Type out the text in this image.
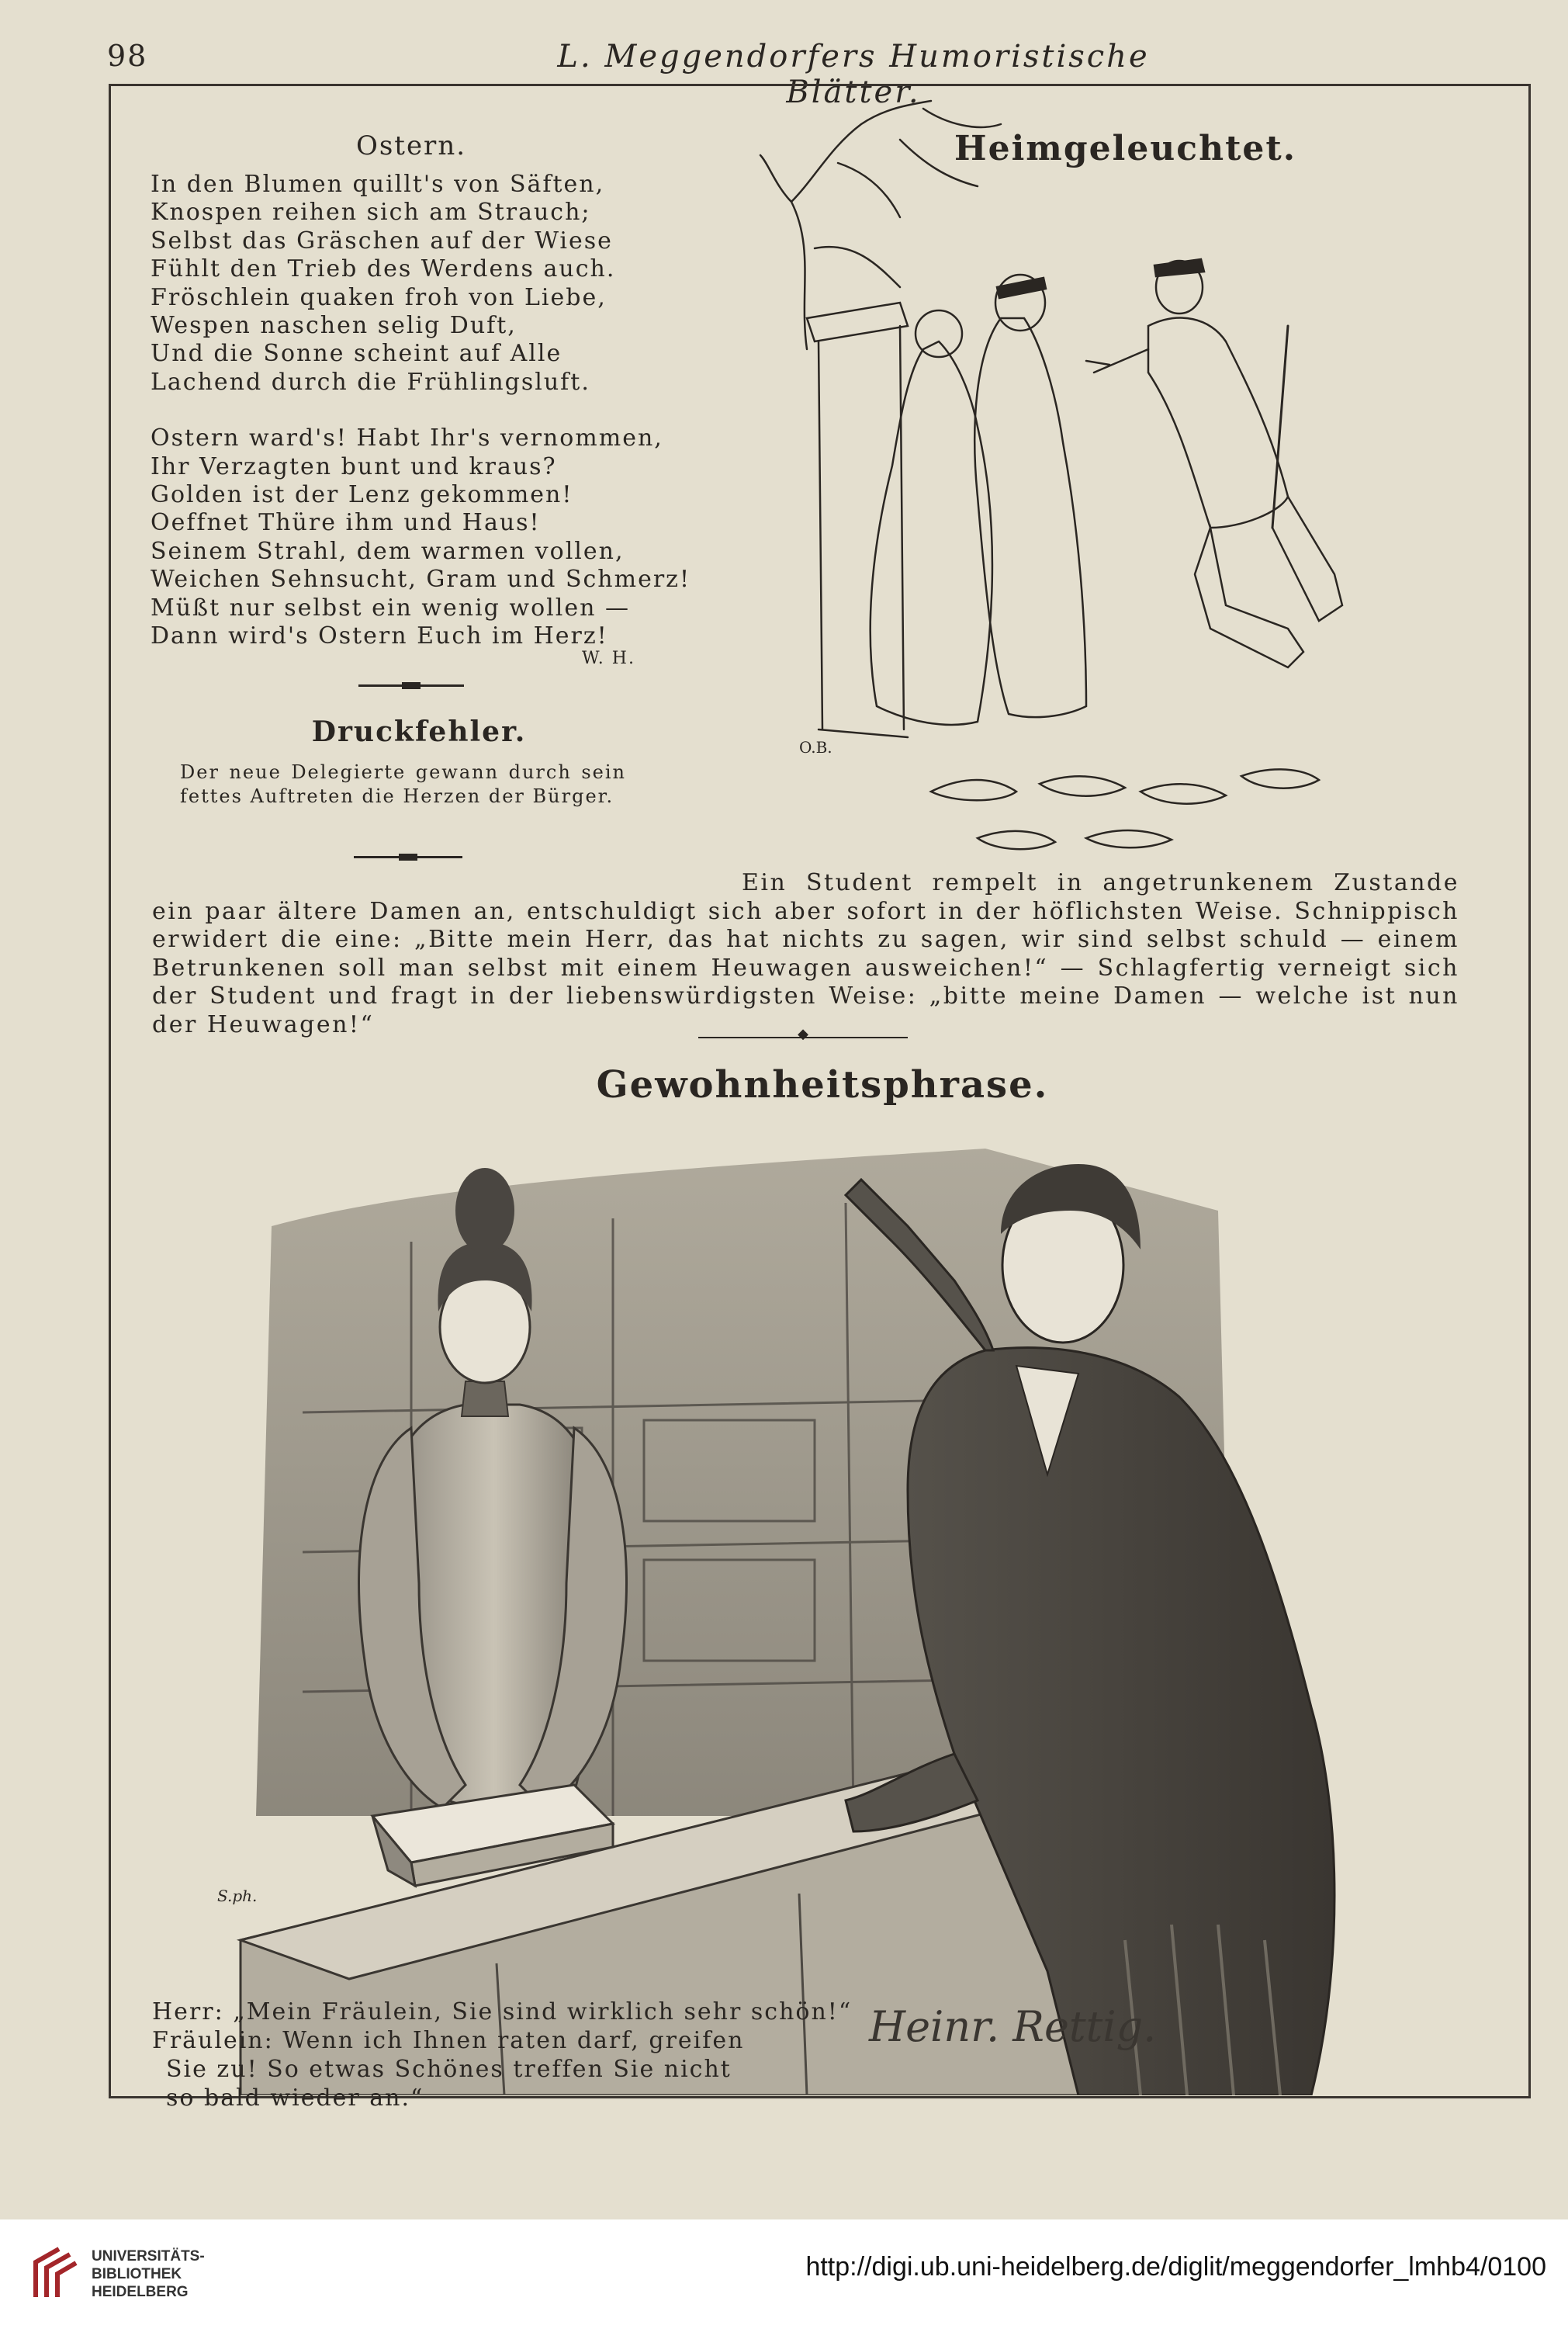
98	L. Meggendorfers Humoristische Blätter.
Ostern.
In den Blumen quillt's von Säften,
Knospen reihen sich am Strauch;
Selbst das Gräschen auf der Wiese
Fühlt den Trieb des Werdens auch.
Fröschlein quaken froh von Liebe,
Wespen naschen selig Duft,
Und die Sonne scheint auf Alle
Lachend durch die Frühlingsluft.
Ostern ward's! Habt Ihr's vernommen,
Ihr Verzagten bunt und kraus?
Golden ist der Lenz gekommen!
Oeffnet Thüre ihm und Haus!
Seinem Strahl, dem warmen vollen,
Weichen Sehnsucht, Gram und Schmerz!
Müßt nur selbst ein wenig wollen —
Dann wird's Ostern Euch im Herz!
W. H.
Druckfehler.
Der neue Delegierte gewann durch sein fettes Auftreten die Herzen der Bürger.
O.B.
Heimgeleuchtet.

Ein Student rempelt in angetrunkenem Zustande ein paar ältere Damen an, entschuldigt sich aber sofort in der höflichsten Weise. Schnippisch erwidert die eine: „Bitte mein Herr, das hat nichts zu sagen, wir sind selbst schuld — einem Betrunkenen soll man selbst mit einem Heuwagen ausweichen!“ — Schlagfertig verneigt sich der Student und fragt in der liebenswürdigsten Weise: „bitte meine Damen — welche ist nun der Heuwagen!“

◆
Gewohnheitsphrase.
S.ph.
Heinr. Rettig.
Herr: „Mein Fräulein, Sie sind wirklich sehr schön!“
Fräulein: Wenn ich Ihnen raten darf, greifen
Sie zu! So etwas Schönes treffen Sie nicht
so bald wieder an.“
UNIVERSITÄTS-
BIBLIOTHEK
HEIDELBERG
http://digi.ub.uni-heidelberg.de/diglit/meggendorfer_lmhb4/0100
